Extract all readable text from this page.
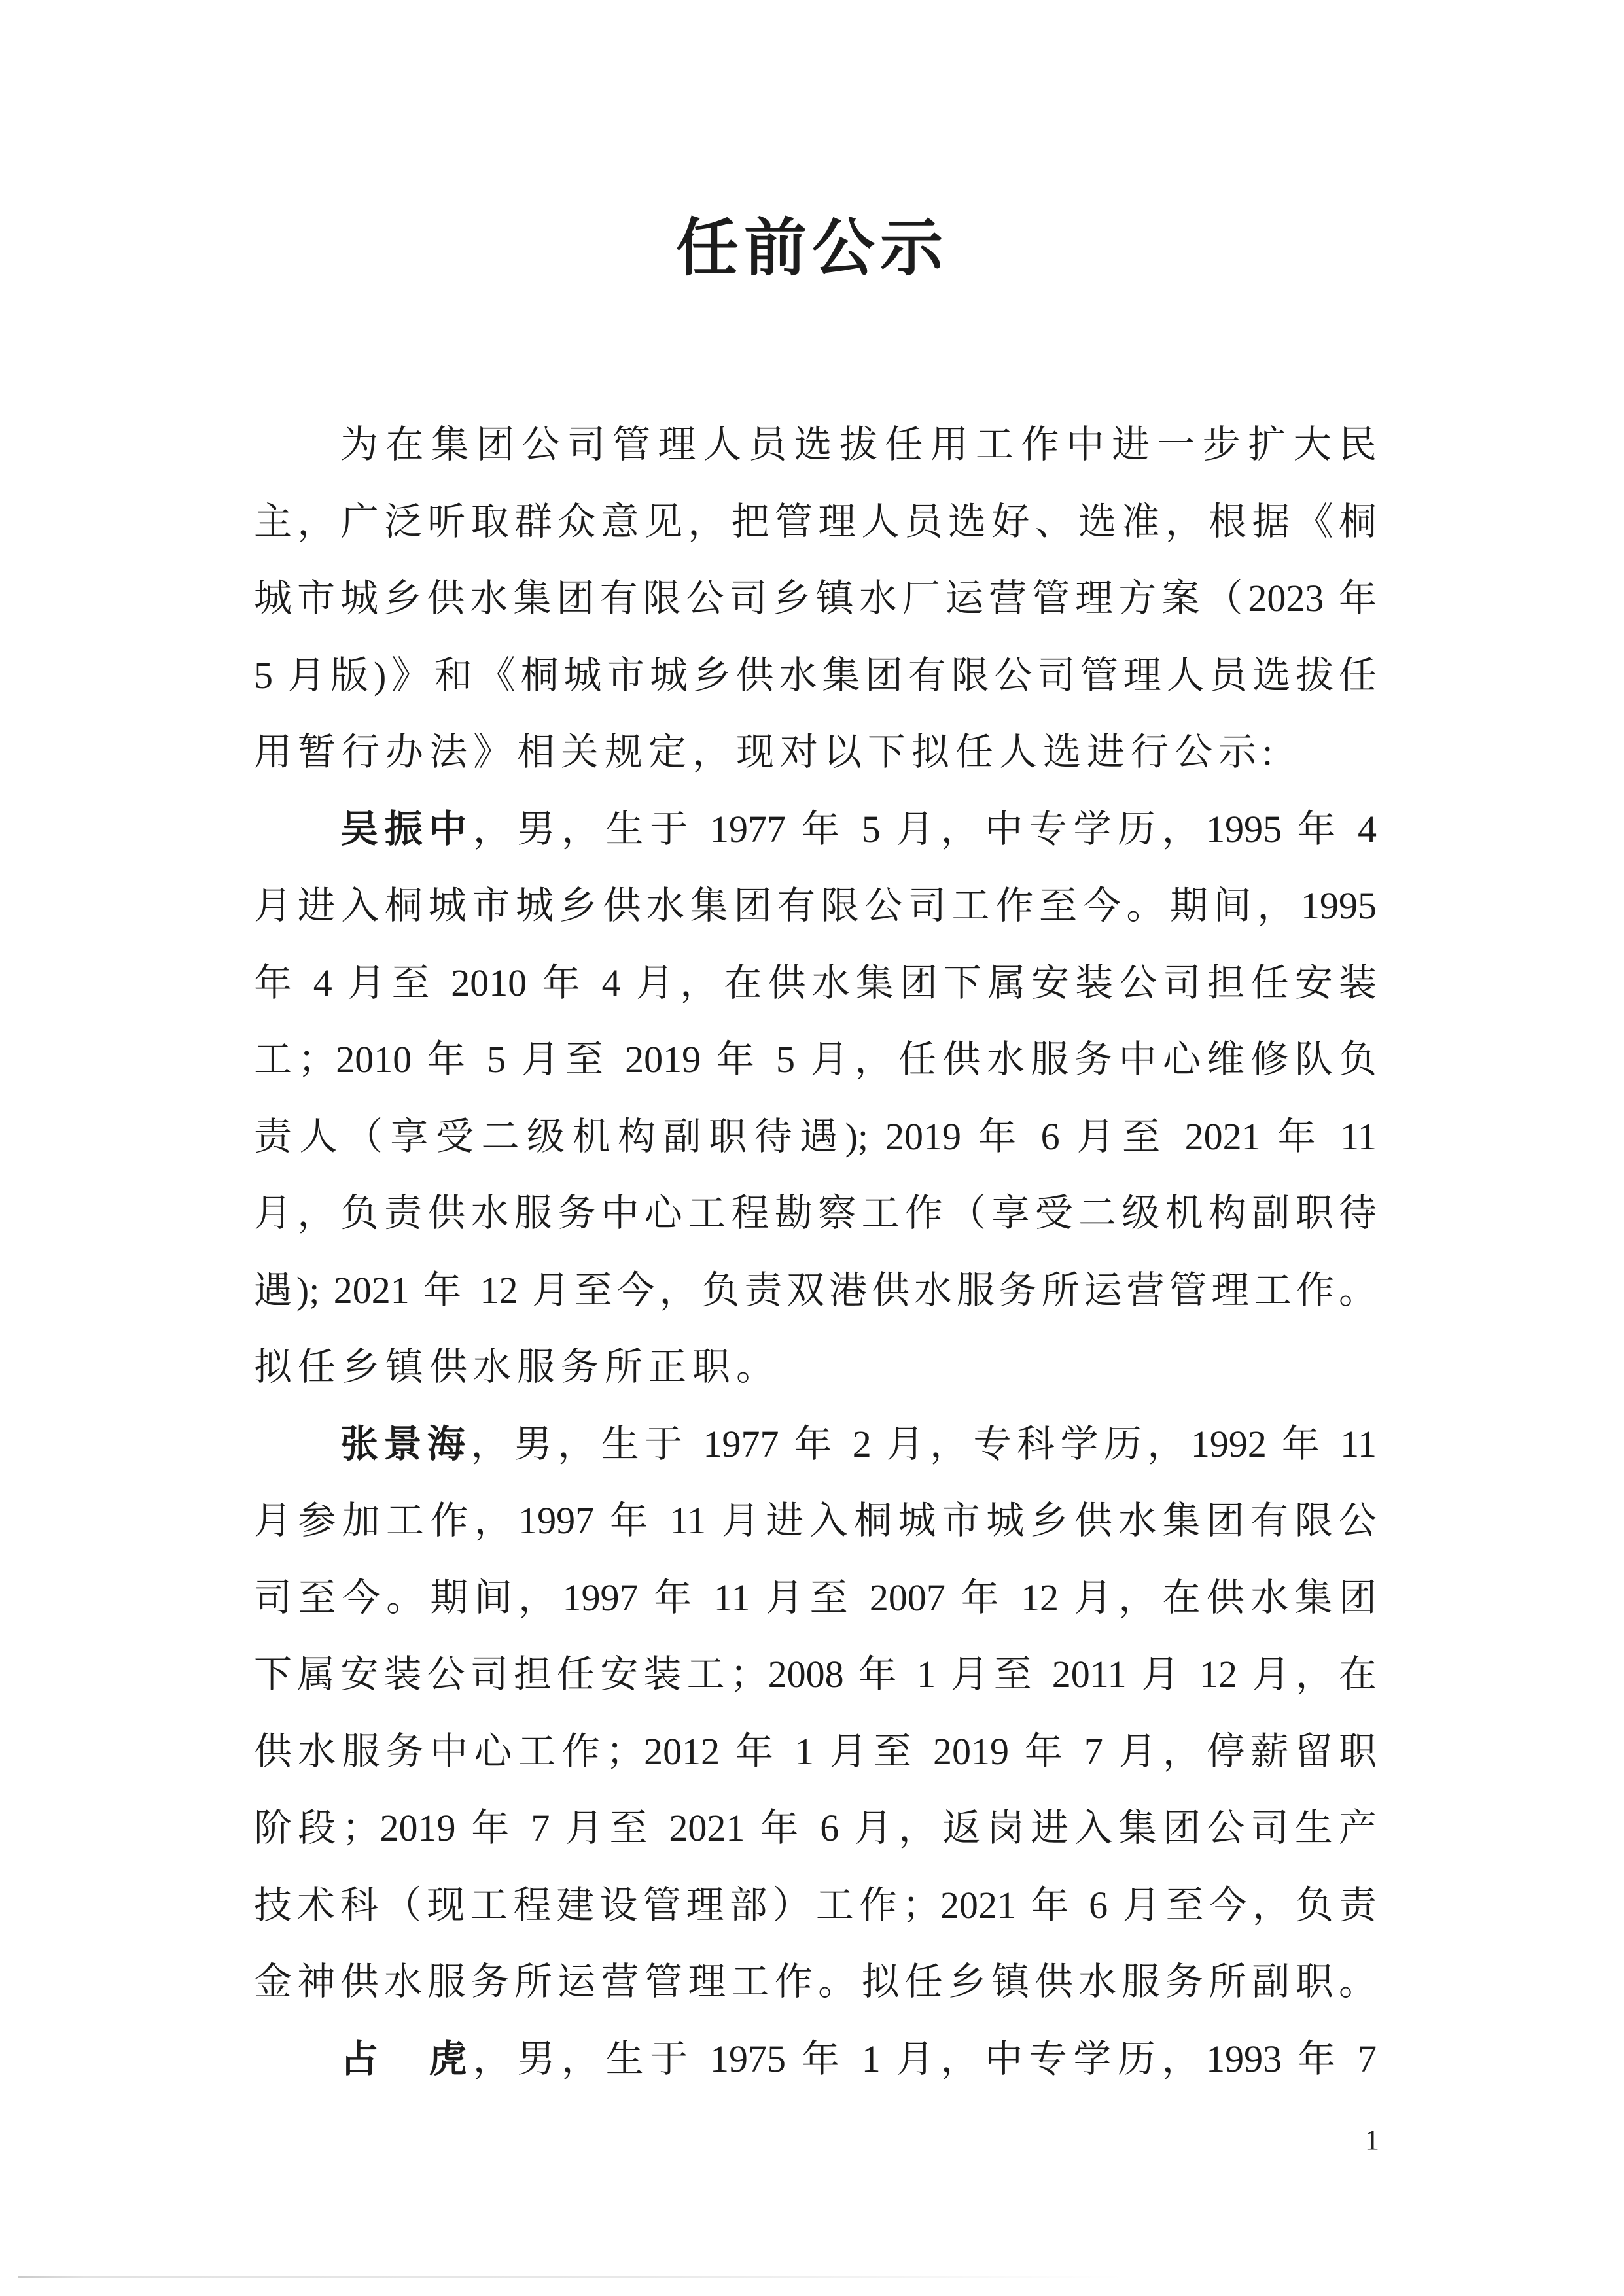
任前公示
为在集团公司管理人员选拔任用工作中进一步扩大民
主，广泛听取群众意见，把管理人员选好、选准，根据《桐
城市城乡供水集团有限公司乡镇水厂运营管理方案（2023 年
5 月版)》和《桐城市城乡供水集团有限公司管理人员选拔任
用暂行办法》相关规定，现对以下拟任人选进行公示:
吴振中，男，生于 1977 年 5 月，中专学历，1995 年 4
月进入桐城市城乡供水集团有限公司工作至今。期间，1995
年 4 月至 2010 年 4 月，在供水集团下属安装公司担任安装
工；2010 年 5 月至 2019 年 5 月，任供水服务中心维修队负
责人（享受二级机构副职待遇); 2019 年 6 月至 2021 年 11
月，负责供水服务中心工程勘察工作（享受二级机构副职待
遇); 2021 年 12 月至今，负责双港供水服务所运营管理工作。
拟任乡镇供水服务所正职。
张景海，男，生于 1977 年 2 月，专科学历，1992 年 11
月参加工作，1997 年 11 月进入桐城市城乡供水集团有限公
司至今。期间，1997 年 11 月至 2007 年 12 月，在供水集团
下属安装公司担任安装工；2008 年 1 月至 2011 月 12 月，在
供水服务中心工作；2012 年 1 月至 2019 年 7 月，停薪留职
阶段；2019 年 7 月至 2021 年 6 月，返岗进入集团公司生产
技术科（现工程建设管理部）工作；2021 年 6 月至今，负责
金神供水服务所运营管理工作。拟任乡镇供水服务所副职。
占　虎，男，生于 1975 年 1 月，中专学历，1993 年 7
1
